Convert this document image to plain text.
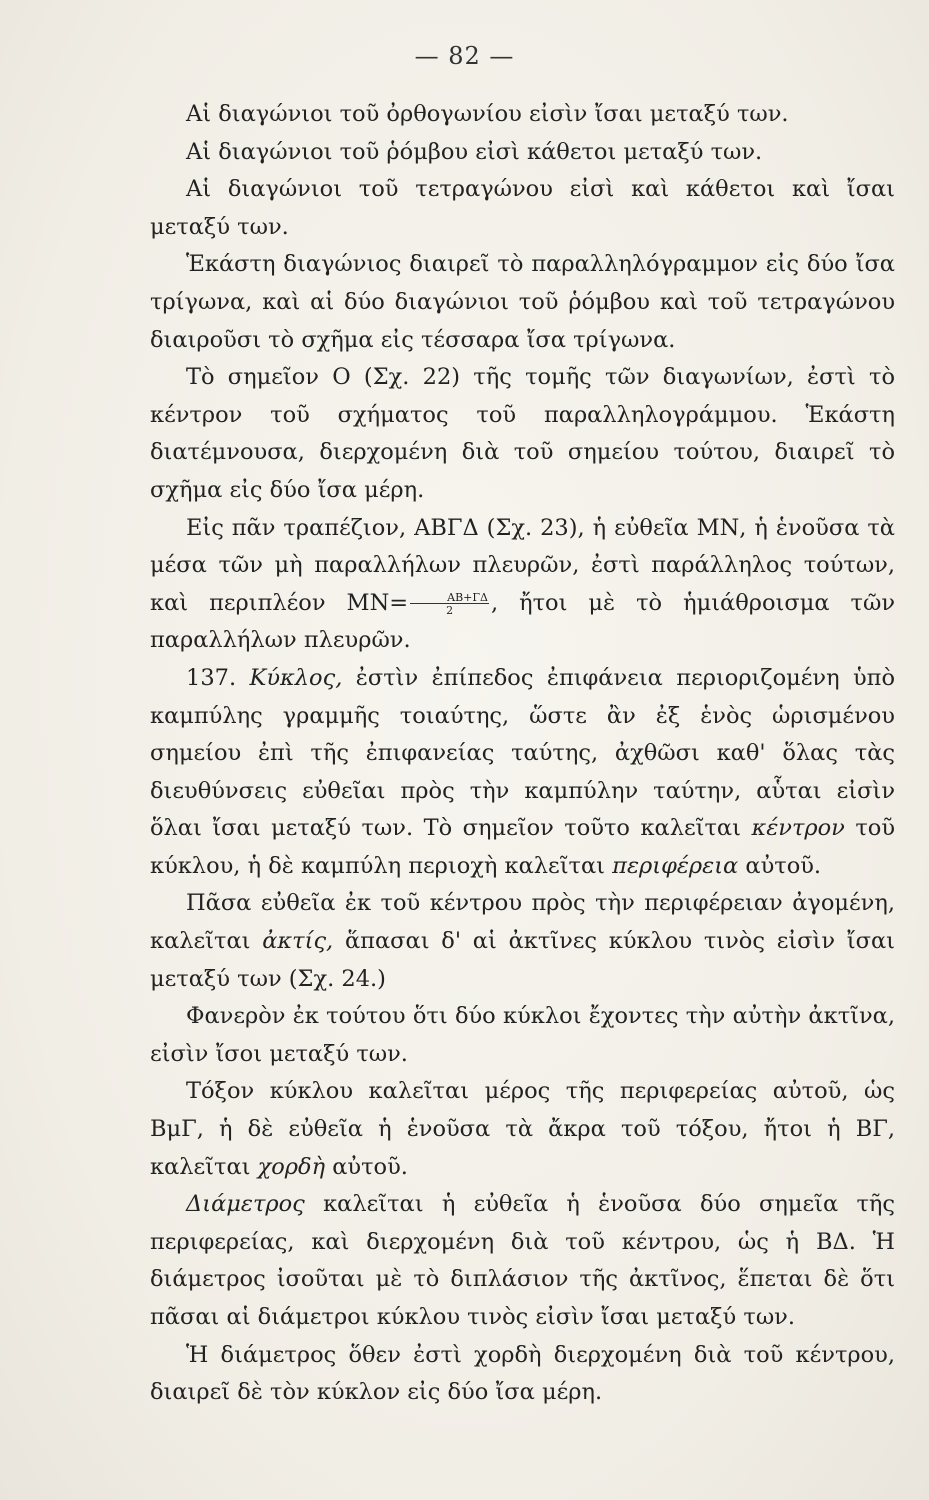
— 82 —

Αἱ διαγώνιοι τοῦ ὀρθογωνίου εἰσὶν ἴσαι μεταξύ των.

Αἱ διαγώνιοι τοῦ ῥόμβου εἰσὶ κάθετοι μεταξύ των.

Αἱ διαγώνιοι τοῦ τετραγώνου εἰσὶ καὶ κάθετοι καὶ ἴσαι μεταξύ των.

Ἑκάστη διαγώνιος διαιρεῖ τὸ παραλληλόγραμμον εἰς δύο ἴσα τρίγωνα, καὶ αἱ δύο διαγώνιοι τοῦ ῥόμβου καὶ τοῦ τετραγώνου διαιροῦσι τὸ σχῆμα εἰς τέσσαρα ἴσα τρίγωνα.

Τὸ σημεῖον Ο (Σχ. 22) τῆς τομῆς τῶν διαγωνίων, ἐστὶ τὸ κέντρον τοῦ σχήματος τοῦ παραλληλογράμμου. Ἑκάστη διατέμνουσα, διερχομένη διὰ τοῦ σημείου τούτου, διαιρεῖ τὸ σχῆμα εἰς δύο ἴσα μέρη.

Εἰς πᾶν τραπέζιον, ΑΒΓΔ (Σχ. 23), ἡ εὐθεῖα ΜΝ, ἡ ἑνοῦσα τὰ μέσα τῶν μὴ παραλλήλων πλευρῶν, ἐστὶ παράλληλος τούτων, καὶ περιπλέον $MN= \frac{AB+\Gamma\Delta}{2}$ , ἤτοι μὲ τὸ ἡμιάθροισμα τῶν παραλλήλων πλευρῶν.

137. Κύκλος, ἐστὶν ἐπίπεδος ἐπιφάνεια περιοριζομένη ὑπὸ καμπύλης γραμμῆς τοιαύτης, ὥστε ἂν ἐξ ἑνὸς ὡρισμένου σημείου ἐπὶ τῆς ἐπιφανείας ταύτης, ἀχθῶσι καθ' ὅλας τὰς διευθύνσεις εὐθεῖαι πρὸς τὴν καμπύλην ταύτην, αὗται εἰσὶν ὅλαι ἴσαι μεταξύ των. Τὸ σημεῖον τοῦτο καλεῖται κέντρον τοῦ κύκλου, ἡ δὲ καμπύλη περιοχὴ καλεῖται περιφέρεια αὐτοῦ.

Πᾶσα εὐθεῖα ἐκ τοῦ κέντρου πρὸς τὴν περιφέρειαν ἀγομένη, καλεῖται ἀκτίς, ἅπασαι δ' αἱ ἀκτῖνες κύκλου τινὸς εἰσὶν ἴσαι μεταξύ των (Σχ. 24.)

Φανερὸν ἐκ τούτου ὅτι δύο κύκλοι ἔχοντες τὴν αὐτὴν ἀκτῖνα, εἰσὶν ἴσοι μεταξύ των.

Τόξον κύκλου καλεῖται μέρος τῆς περιφερείας αὐτοῦ, ὡς ΒμΓ, ἡ δὲ εὐθεῖα ἡ ἑνοῦσα τὰ ἄκρα τοῦ τόξου, ἤτοι ἡ ΒΓ, καλεῖται χορδὴ αὐτοῦ.

Διάμετρος καλεῖται ἡ εὐθεῖα ἡ ἑνοῦσα δύο σημεῖα τῆς περιφερείας, καὶ διερχομένη διὰ τοῦ κέντρου, ὡς ἡ ΒΔ. Ἡ διάμετρος ἰσοῦται μὲ τὸ διπλάσιον τῆς ἀκτῖνος, ἕπεται δὲ ὅτι πᾶσαι αἱ διάμετροι κύκλου τινὸς εἰσὶν ἴσαι μεταξύ των.

Ἡ διάμετρος ὅθεν ἐστὶ χορδὴ διερχομένη διὰ τοῦ κέντρου, διαιρεῖ δὲ τὸν κύκλον εἰς δύο ἴσα μέρη.
